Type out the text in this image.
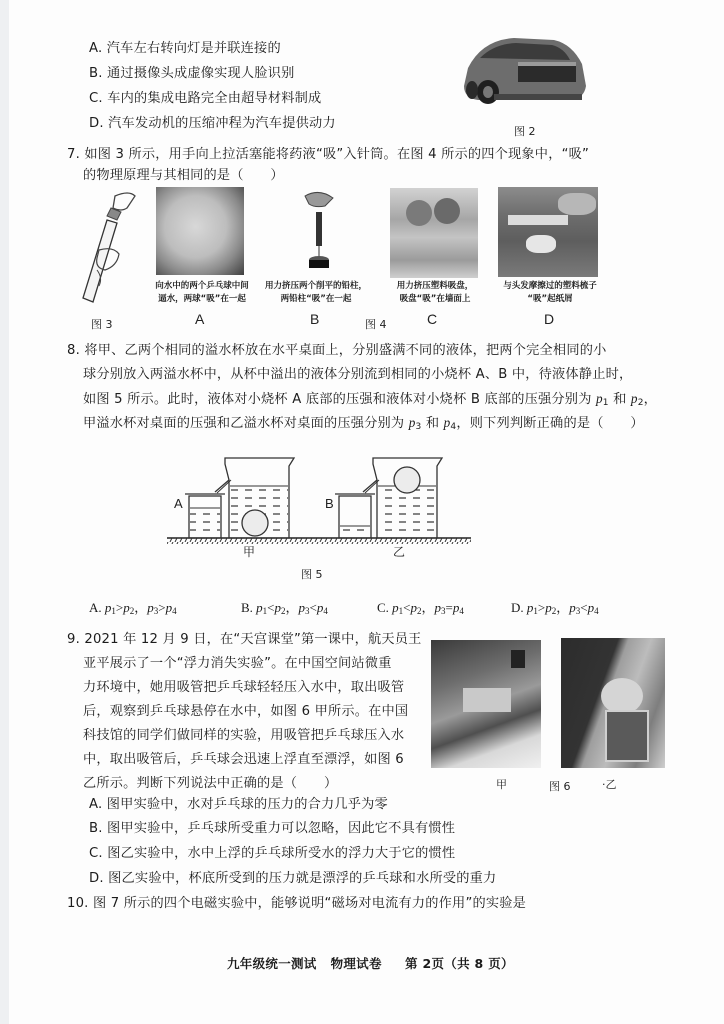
A. 汽车左右转向灯是并联连接的
B. 通过摄像头成虚像实现人脸识别
C. 车内的集成电路完全由超导材料制成
D. 汽车发动机的压缩冲程为汽车提供动力
图 2
7. 如图 3 所示，用手向上拉活塞能将药液“吸”入针筒。在图 4 所示的四个现象中，“吸”
的物理原理与其相同的是（　　）
图 3
向水中的两个乒乓球中间
逼水，两球“吸”在一起
A
用力挤压两个削平的铅柱，
两铅柱“吸”在一起
B	图 4
用力挤压塑料吸盘，
吸盘“吸”在墙面上
C
与头发摩擦过的塑料梳子
“吸”起纸屑
D
8. 将甲、乙两个相同的溢水杯放在水平桌面上，分别盛满不同的液体，把两个完全相同的小
球分别放入两溢水杯中，从杯中溢出的液体分别流到相同的小烧杯 A、B 中，待液体静止时，
如图 5 所示。此时，液体对小烧杯 A 底部的压强和液体对小烧杯 B 底部的压强分别为 $p_1$ 和 $p_2$，
甲溢水杯对桌面的压强和乙溢水杯对桌面的压强分别为 $p_3$ 和 $p_4$，则下列判断正确的是（　　）
A	B
甲	乙
图 5
A. $p_1>p_2$，$p_3>p_4$	B. $p_1<p_2$，$p_3<p_4$	C. $p_1<p_2$，$p_3=p_4$	D. $p_1>p_2$，$p_3<p_4$
9. 2021 年 12 月 9 日，在“天宫课堂”第一课中，航天员王
亚平展示了一个“浮力消失实验”。在中国空间站微重
力环境中，她用吸管把乒乓球轻轻压入水中，取出吸管
后，观察到乒乓球悬停在水中，如图 6 甲所示。在中国
科技馆的同学们做同样的实验，用吸管把乒乓球压入水
中，取出吸管后，乒乓球会迅速上浮直至漂浮，如图 6
乙所示。判断下列说法中正确的是（　　）	甲	图 6	·乙
A. 图甲实验中，水对乒乓球的压力的合力几乎为零
B. 图甲实验中，乒乓球所受重力可以忽略，因此它不具有惯性
C. 图乙实验中，水中上浮的乒乓球所受水的浮力大于它的惯性
D. 图乙实验中，杯底所受到的压力就是漂浮的乒乓球和水所受的重力
10. 图 7 所示的四个电磁实验中，能够说明“磁场对电流有力的作用”的实验是
九年级统一测试 物理试卷 第 2页（共 8 页）
